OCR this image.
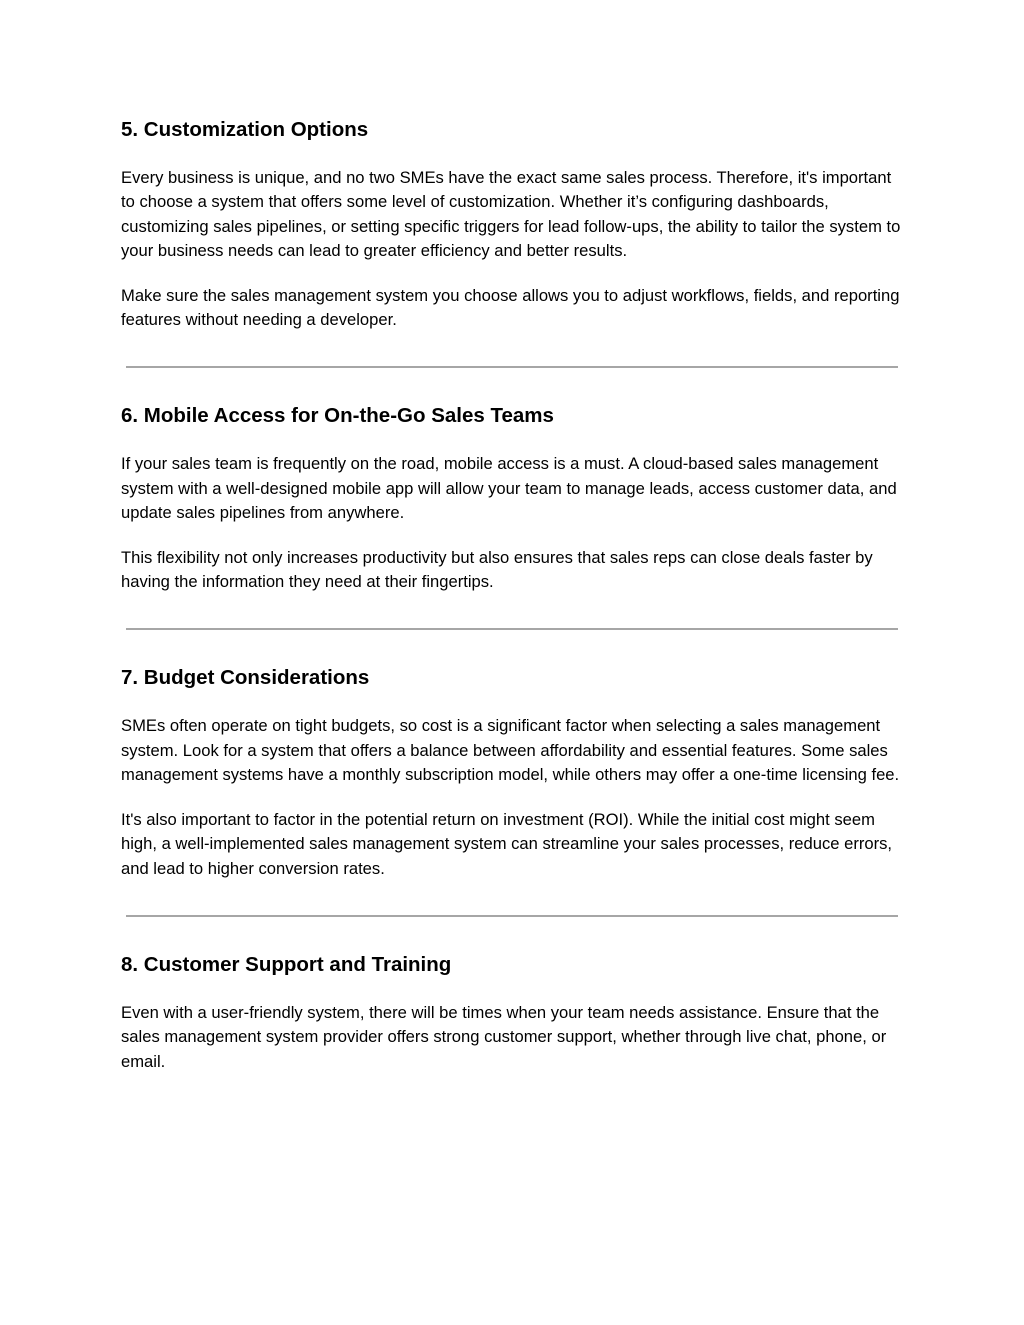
5. Customization Options

Every business is unique, and no two SMEs have the exact same sales process. Therefore, it's important to choose a system that offers some level of customization. Whether it’s configuring dashboards, customizing sales pipelines, or setting specific triggers for lead follow-ups, the ability to tailor the system to your business needs can lead to greater efficiency and better results.

Make sure the sales management system you choose allows you to adjust workflows, fields, and reporting features without needing a developer.

6. Mobile Access for On-the-Go Sales Teams

If your sales team is frequently on the road, mobile access is a must. A cloud-based sales management system with a well-designed mobile app will allow your team to manage leads, access customer data, and update sales pipelines from anywhere.

This flexibility not only increases productivity but also ensures that sales reps can close deals faster by having the information they need at their fingertips.

7. Budget Considerations

SMEs often operate on tight budgets, so cost is a significant factor when selecting a sales management system. Look for a system that offers a balance between affordability and essential features. Some sales management systems have a monthly subscription model, while others may offer a one-time licensing fee.

It's also important to factor in the potential return on investment (ROI). While the initial cost might seem high, a well-implemented sales management system can streamline your sales processes, reduce errors, and lead to higher conversion rates.

8. Customer Support and Training

Even with a user-friendly system, there will be times when your team needs assistance. Ensure that the sales management system provider offers strong customer support, whether through live chat, phone, or email.
